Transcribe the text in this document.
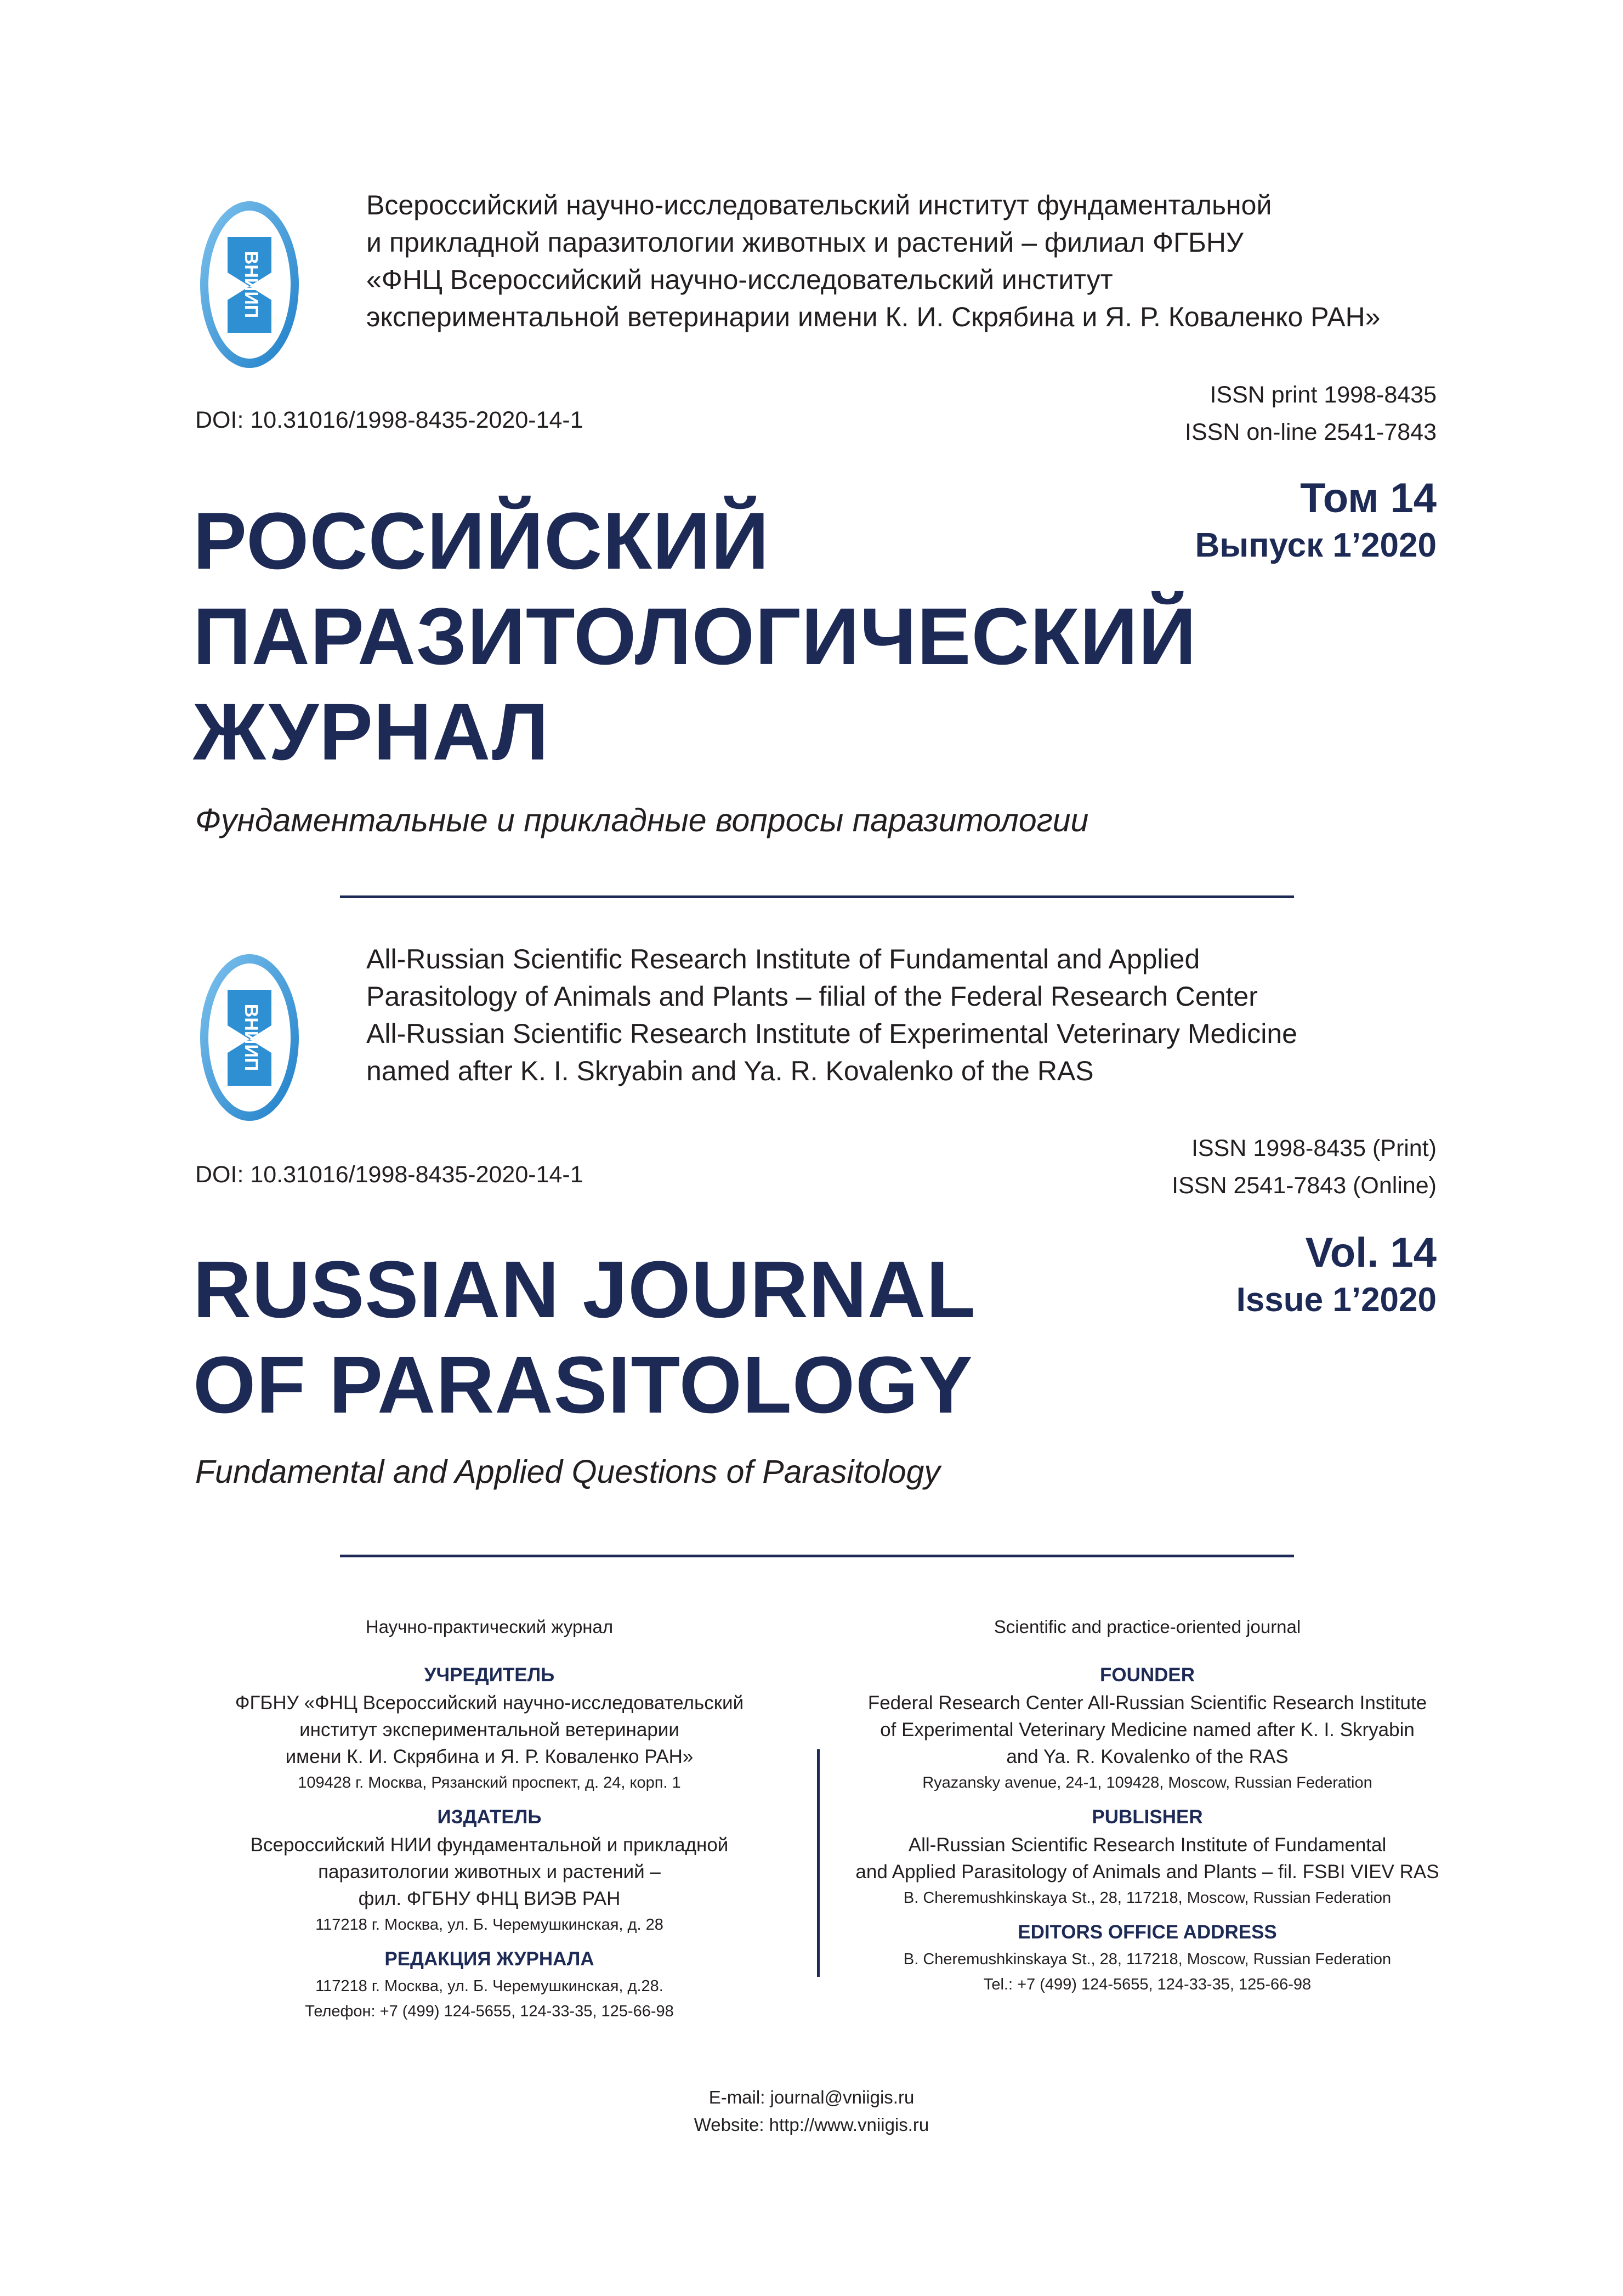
ВНИИП
Всероссийский научно-исследовательский институт фундаментальной
и прикладной паразитологии животных и растений – филиал ФГБНУ
«ФНЦ Всероссийский научно-исследовательский институт
экспериментальной ветеринарии имени К. И. Скрябина и Я. Р. Коваленко РАН»
DOI: 10.31016/1998-8435-2020-14-1
ISSN print 1998-8435
ISSN on-line 2541-7843
Том 14
Выпуск 1’2020
РОССИЙСКИЙ
ПАРАЗИТОЛОГИЧЕСКИЙ
ЖУРНАЛ
Фундаментальные и прикладные вопросы паразитологии
ВНИИП
All-Russian Scientific Research Institute of Fundamental and Applied
Parasitology of Animals and Plants – filial of the Federal Research Center
All-Russian Scientific Research Institute of Experimental Veterinary Medicine
named after K. I. Skryabin and Ya. R. Kovalenko of the RAS
DOI: 10.31016/1998-8435-2020-14-1
ISSN 1998-8435 (Print)
ISSN 2541-7843 (Online)
Vol. 14
Issue 1’2020
RUSSIAN JOURNAL
OF PARASITOLOGY
Fundamental and Applied Questions of Parasitology
Научно-практический журнал
УЧРЕДИТЕЛЬ
ФГБНУ «ФНЦ Всероссийский научно-исследовательский
институт экспериментальной ветеринарии
имени К. И. Скрябина и Я. Р. Коваленко РАН»
109428 г. Москва, Рязанский проспект, д. 24, корп. 1
ИЗДАТЕЛЬ
Всероссийский НИИ фундаментальной и прикладной
паразитологии животных и растений –
фил. ФГБНУ ФНЦ ВИЭВ РАН
117218 г. Москва, ул. Б. Черемушкинская, д. 28
РЕДАКЦИЯ ЖУРНАЛА
117218 г. Москва, ул. Б. Черемушкинская, д.28.
Телефон: +7 (499) 124-5655, 124-33-35, 125-66-98
Scientific and practice-oriented journal
FOUNDER
Federal Research Center All-Russian Scientific Research Institute
of Experimental Veterinary Medicine named after K. I. Skryabin
and Ya. R. Kovalenko of the RAS
Ryazansky avenue, 24-1, 109428, Moscow, Russian Federation
PUBLISHER
All-Russian Scientific Research Institute of Fundamental
and Applied Parasitology of Animals and Plants – fil. FSBI VIEV RAS
B. Cheremushkinskaya St., 28, 117218, Moscow, Russian Federation
EDITORS OFFICE ADDRESS
B. Cheremushkinskaya St., 28, 117218, Moscow, Russian Federation
Tel.: +7 (499) 124-5655, 124-33-35, 125-66-98
E-mail: journal@vniigis.ru
Website: http://www.vniigis.ru
